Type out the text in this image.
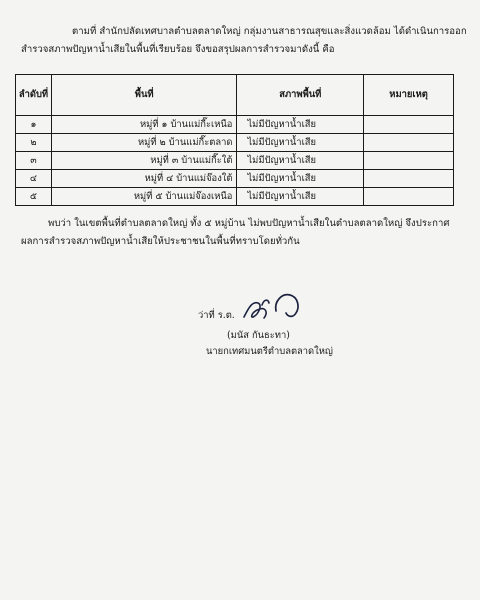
ตามที่ สำนักปลัดเทศบาลตำบลตลาดใหญ่ กลุ่มงานสาธารณสุขและสิ่งแวดล้อม ได้ดำเนินการออก

สำรวจสภาพปัญหาน้ำเสียในพื้นที่เรียบร้อย จึงขอสรุปผลการสำรวจมาดังนี้ คือ

ลำดับที่	พื้นที่	สภาพพื้นที่	หมายเหตุ
๑	หมู่ที่ ๑ บ้านแม่กี๊ะเหนือ	ไม่มีปัญหาน้ำเสีย	
๒	หมู่ที่ ๒ บ้านแม่กี๊ะตลาด	ไม่มีปัญหาน้ำเสีย	
๓	หมู่ที่ ๓ บ้านแม่กี๊ะใต้	ไม่มีปัญหาน้ำเสีย	
๔	หมู่ที่ ๔ บ้านแม่จ๊องใต้	ไม่มีปัญหาน้ำเสีย	
๕	หมู่ที่ ๕ บ้านแม่จ๊องเหนือ	ไม่มีปัญหาน้ำเสีย	

พบว่า ในเขตพื้นที่ตำบลตลาดใหญ่ ทั้ง ๕ หมู่บ้าน ไม่พบปัญหาน้ำเสียในตำบลตลาดใหญ่ จึงประกาศ

ผลการสำรวจสภาพปัญหาน้ำเสียให้ประชาชนในพื้นที่ทราบโดยทั่วกัน

ว่าที่ ร.ต.
(มนัส กันธะทา)
นายกเทศมนตรีตำบลตลาดใหญ่
